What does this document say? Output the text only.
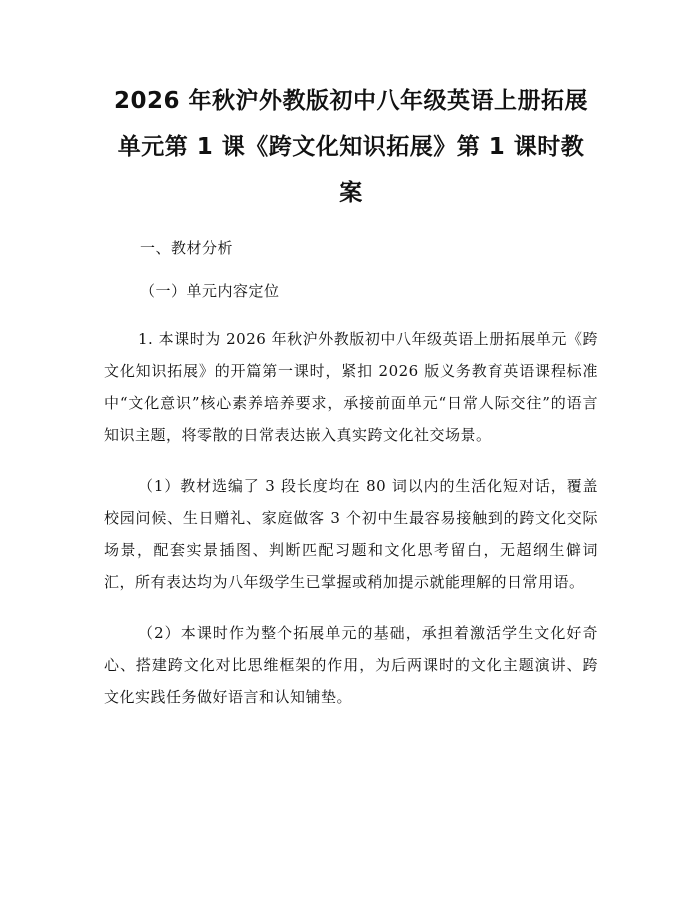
2026 年秋沪外教版初中八年级英语上册拓展
单元第 1 课《跨文化知识拓展》第 1 课时教
案

一、教材分析

（一）单元内容定位

1. 本课时为 2026 年秋沪外教版初中八年级英语上册拓展单元《跨文化知识拓展》的开篇第一课时，紧扣 2026 版义务教育英语课程标准中“文化意识”核心素养培养要求，承接前面单元“日常人际交往”的语言知识主题，将零散的日常表达嵌入真实跨文化社交场景。

（1）教材选编了 3 段长度均在 80 词以内的生活化短对话，覆盖校园问候、生日赠礼、家庭做客 3 个初中生最容易接触到的跨文化交际场景，配套实景插图、判断匹配习题和文化思考留白，无超纲生僻词汇，所有表达均为八年级学生已掌握或稍加提示就能理解的日常用语。

（2）本课时作为整个拓展单元的基础，承担着激活学生文化好奇心、搭建跨文化对比思维框架的作用，为后两课时的文化主题演讲、跨文化实践任务做好语言和认知铺垫。
